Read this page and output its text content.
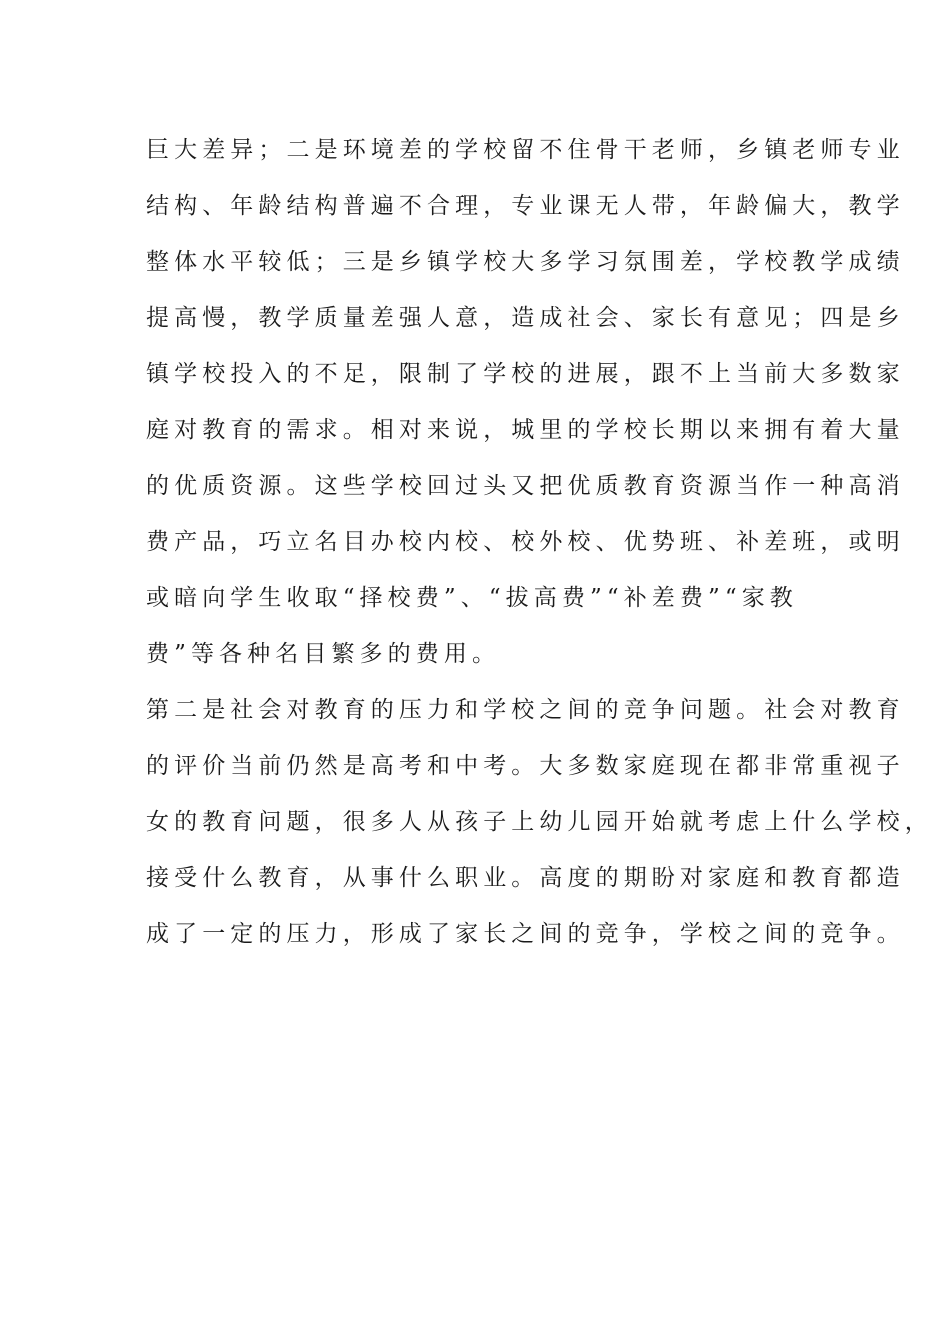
巨大差异；二是环境差的学校留不住骨干老师，乡镇老师专业
结构、年龄结构普遍不合理，专业课无人带，年龄偏大，教学
整体水平较低；三是乡镇学校大多学习氛围差，学校教学成绩
提高慢，教学质量差强人意，造成社会、家长有意见；四是乡
镇学校投入的不足，限制了学校的进展，跟不上当前大多数家
庭对教育的需求。相对来说，城里的学校长期以来拥有着大量
的优质资源。这些学校回过头又把优质教育资源当作一种高消
费产品，巧立名目办校内校、校外校、优势班、补差班，或明
或暗向学生收取“择校费”、“拔高费”“补差费”“家教
费”等各种名目繁多的费用。
第二是社会对教育的压力和学校之间的竞争问题。社会对教育
的评价当前仍然是高考和中考。大多数家庭现在都非常重视子
女的教育问题，很多人从孩子上幼儿园开始就考虑上什么学校，
接受什么教育，从事什么职业。高度的期盼对家庭和教育都造
成了一定的压力，形成了家长之间的竞争，学校之间的竞争。
